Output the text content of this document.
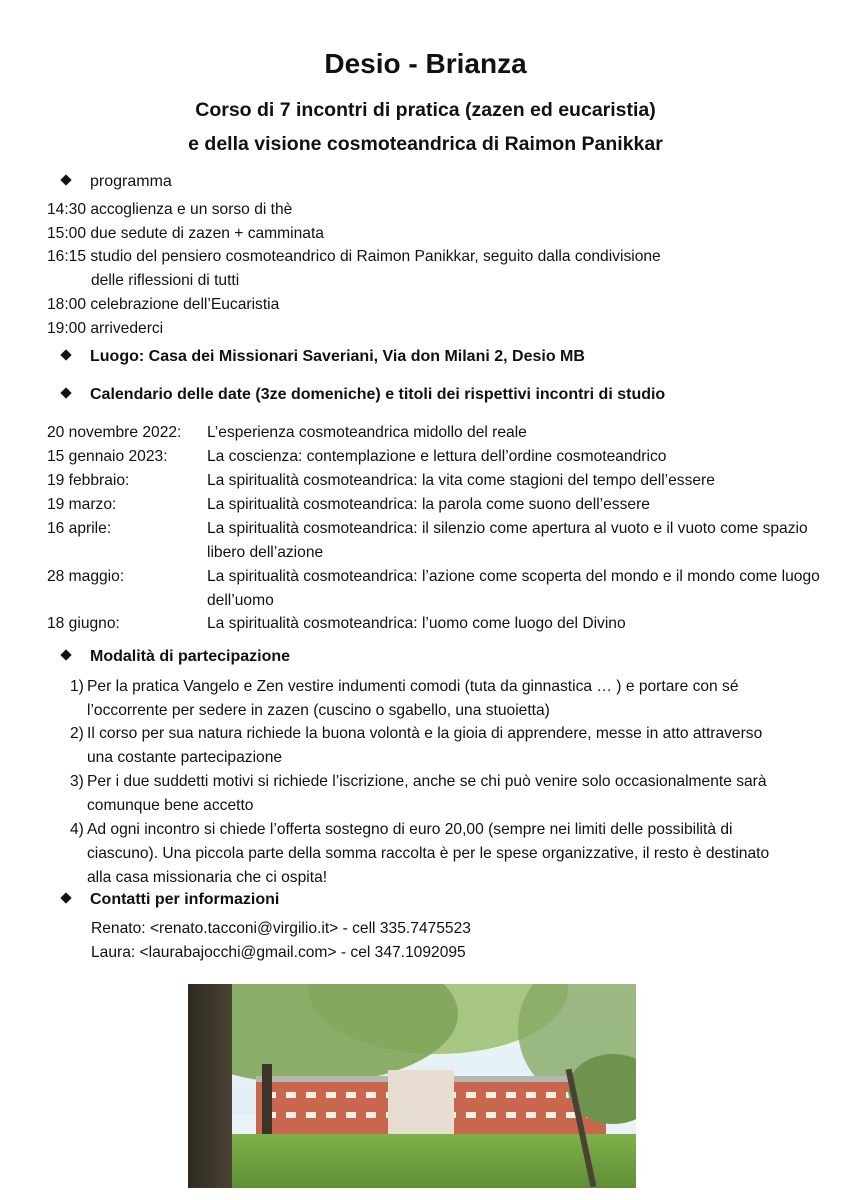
Desio - Brianza
Corso di 7 incontri di pratica (zazen ed eucaristia)
e della visione cosmoteandrica di Raimon Panikkar
programma
14:30 accoglienza e un sorso di thè
15:00 due sedute di zazen + camminata
16:15 studio del pensiero cosmoteandrico di Raimon Panikkar, seguito dalla condivisione
delle riflessioni di tutti
18:00 celebrazione dell’Eucaristia
19:00 arrivederci
Luogo: Casa dei Missionari Saveriani, Via don Milani 2, Desio MB
Calendario delle date (3ze domeniche) e titoli dei rispettivi incontri di studio
20 novembre 2022:	L’esperienza cosmoteandrica midollo del reale
15 gennaio 2023:	La coscienza: contemplazione e lettura dell’ordine cosmoteandrico
19 febbraio:	La spiritualità cosmoteandrica: la vita come stagioni del tempo dell’essere
19 marzo:	La spiritualità cosmoteandrica: la parola come suono dell’essere
16 aprile:	La spiritualità cosmoteandrica: il silenzio come apertura al vuoto e il vuoto come spazio libero dell’azione
28 maggio:	La spiritualità cosmoteandrica: l’azione come scoperta del mondo e il mondo come luogo dell’uomo
18 giugno:	La spiritualità cosmoteandrica: l’uomo come luogo del Divino
Modalità di partecipazione
1) Per la pratica Vangelo e Zen vestire indumenti comodi (tuta da ginnastica … ) e portare con sé l’occorrente per sedere in zazen (cuscino o sgabello, una stuoietta)
2) Il corso per sua natura richiede la buona volontà e la gioia di apprendere, messe in atto attraverso una costante partecipazione
3) Per i due suddetti motivi si richiede l’iscrizione, anche se chi può venire solo occasionalmente sarà comunque bene accetto
4) Ad ogni incontro si chiede l’offerta sostegno di euro 20,00 (sempre nei limiti delle possibilità di ciascuno). Una piccola parte della somma raccolta è per le spese organizzative, il resto è destinato alla casa missionaria che ci ospita!
Contatti per informazioni
Renato: <renato.tacconi@virgilio.it> - cell 335.7475523
Laura: <laurabajocchi@gmail.com> - cel 347.1092095
